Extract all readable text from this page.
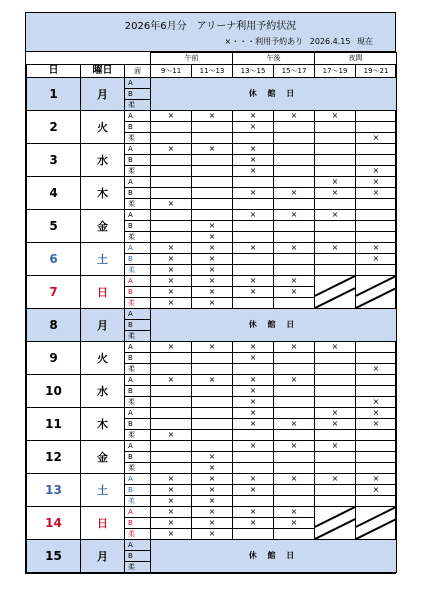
2026年6月分　アリーナ利用予約状況
×・・・利用予約あり 2026.4.15 現在
			午前		午後		夜間	
日	曜日	面	9～11	11～13	13～15	15～17	17～19	19～21
1	月	A	休 館 日					
		B						
		柔						
2	火	A	×	×	×	×	×	
		B			×			
		柔						×
3	水	A	×	×	×			
		B			×			
		柔			×			×
4	木	A					×	×
		B			×	×	×	×
		柔	×					
5	金	A			×	×	×	
		B		×				
		柔		×				
6	土	A	×	×	×	×	×	×
		B	×	×				×
		柔	×	×				
7	日	A	×	×	×	×	

		B	×	×	×	×		
		柔	×	×				
8	月	A	休 館 日					
		B						
		柔						
9	火	A	×	×	×	×	×	
		B			×			
		柔						×
10	水	A	×	×	×	×		
		B			×			
		柔			×			×
11	木	A			×		×	×
		B			×	×	×	×
		柔	×					
12	金	A			×	×	×	
		B		×				
		柔		×				
13	土	A	×	×	×	×	×	×
		B	×	×	×			×
		柔	×	×				
14	日	A	×	×	×	×	

		B	×	×	×	×		
		柔	×	×				
15	月	A	休 館 日					
		B						
		柔						
